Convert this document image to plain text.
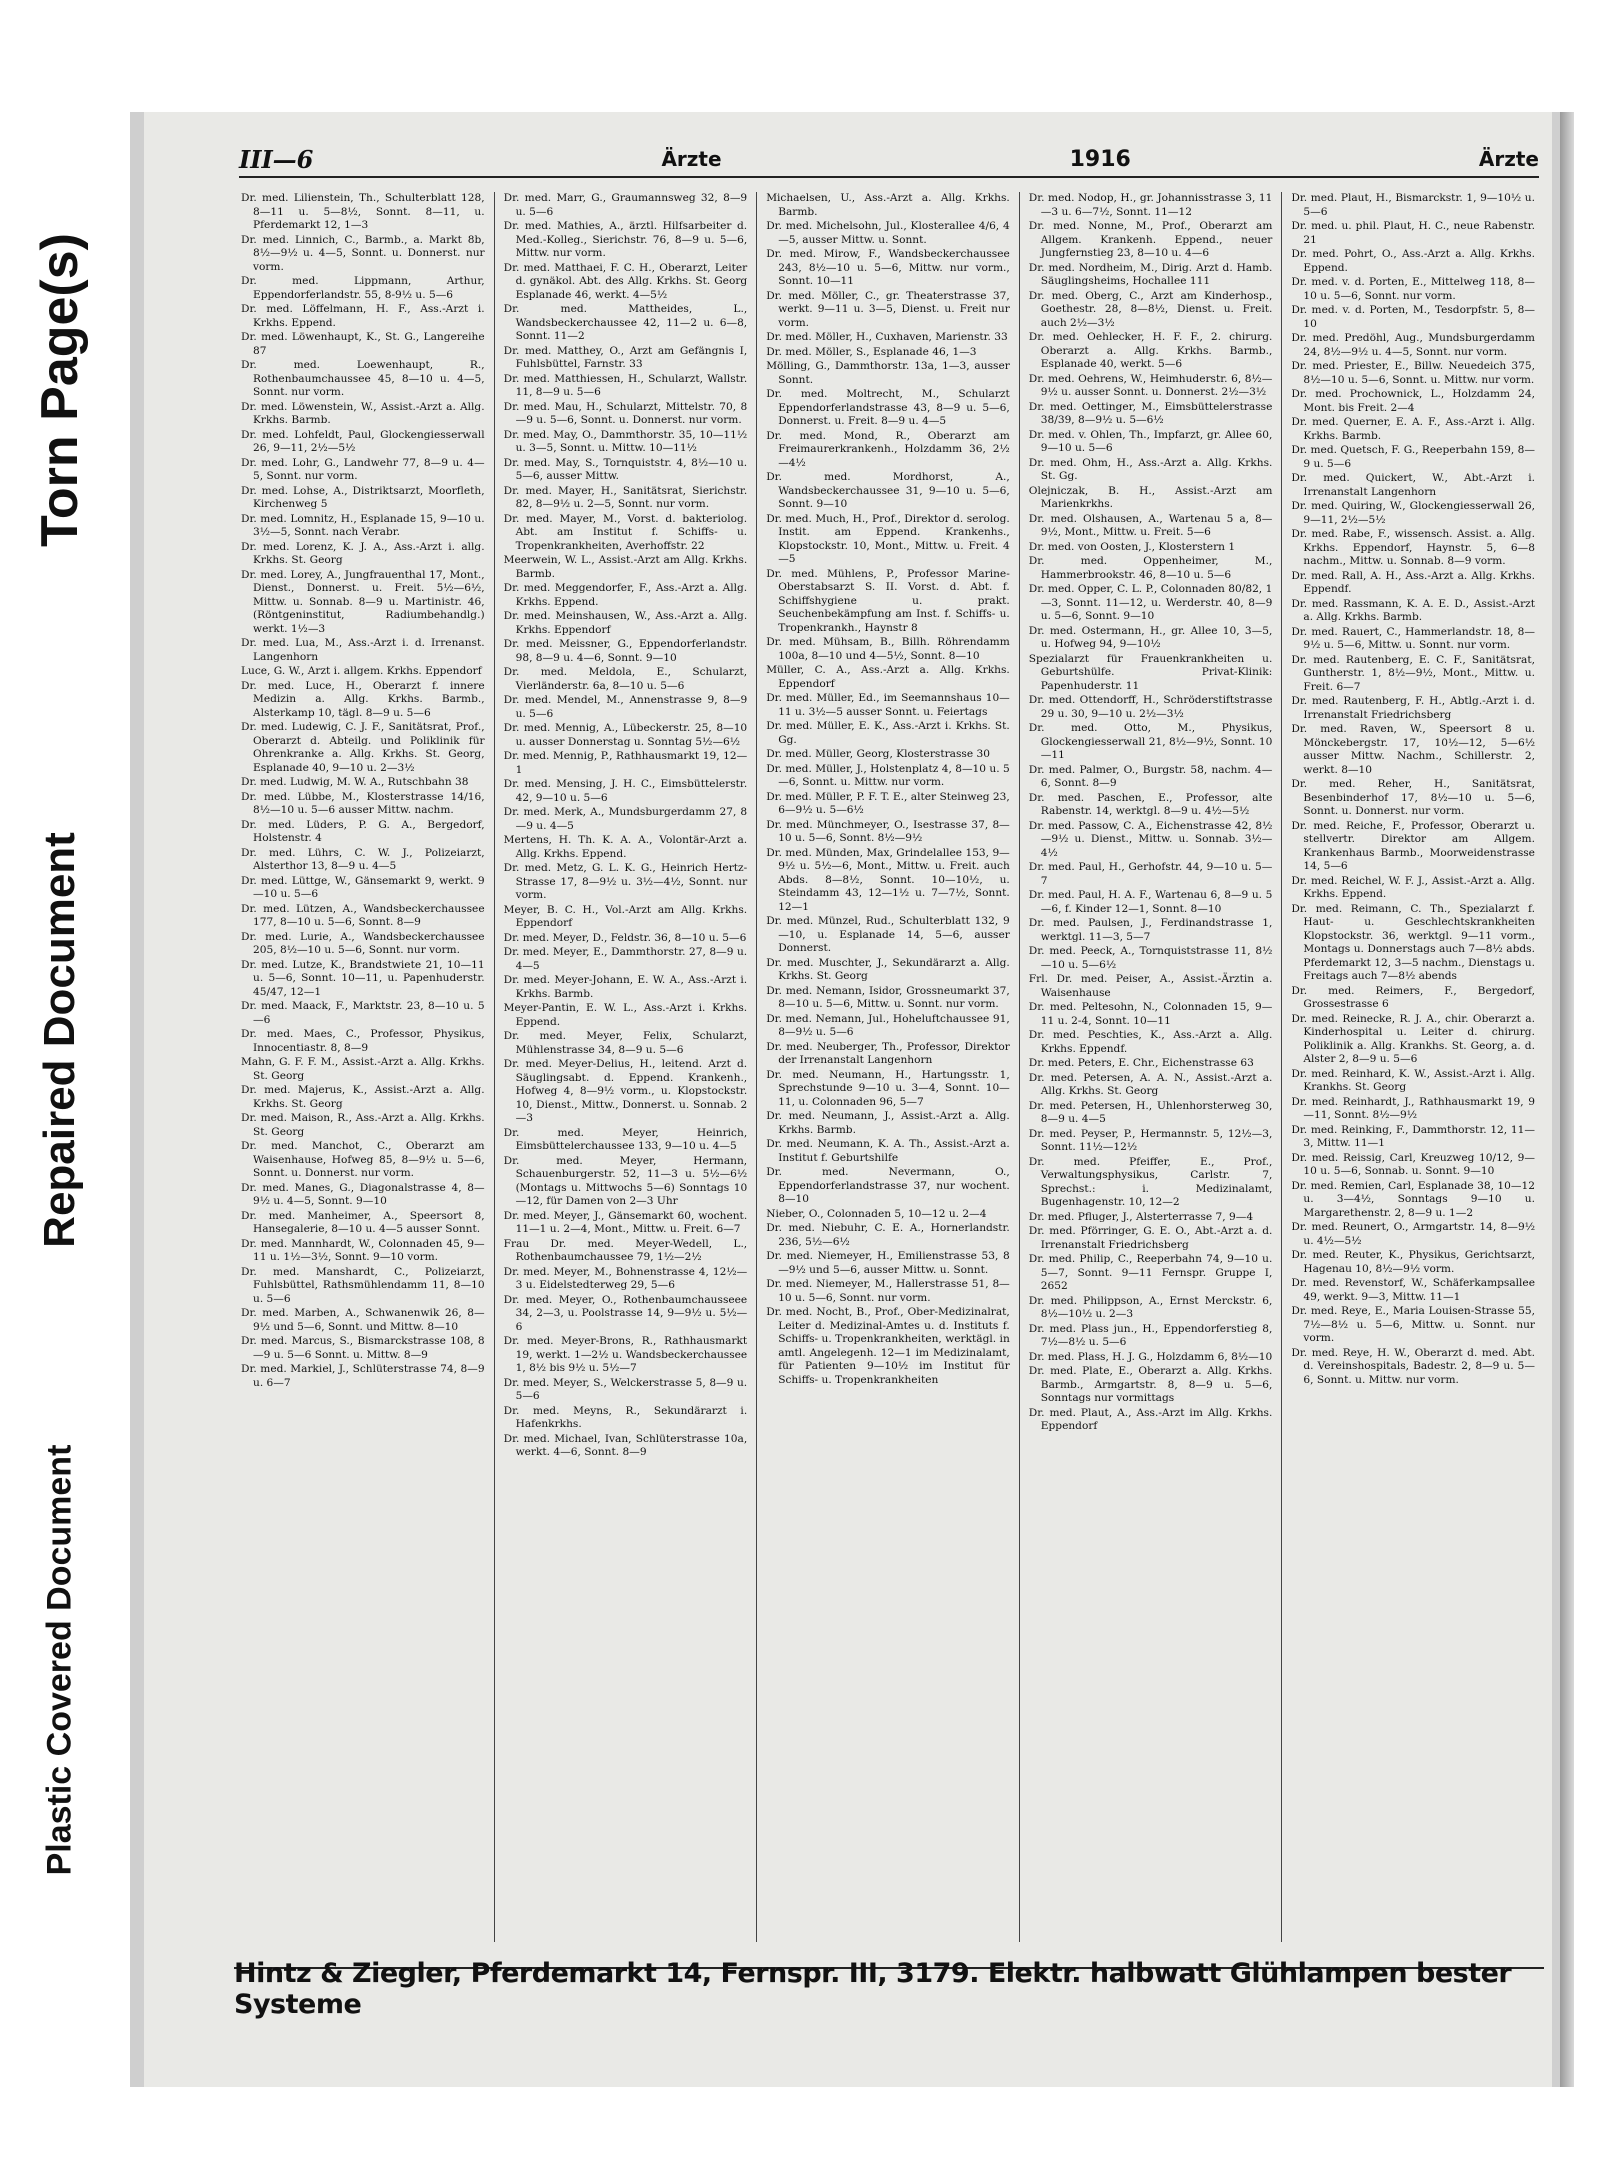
Torn Page(s)
Repaired Document
Plastic Covered Document
III—6	Ärzte	1916	Ärzte

Dr. med. Lilienstein, Th., Schulterblatt 128, 8—11 u. 5—8½, Sonnt. 8—11, u. Pferdemarkt 12, 1—3

Dr. med. Linnich, C., Barmb., a. Markt 8b, 8½—9½ u. 4—5, Sonnt. u. Donnerst. nur vorm.

Dr. med. Lippmann, Arthur, Eppendorferlandstr. 55, 8-9½ u. 5—6

Dr. med. Löffelmann, H. F., Ass.-Arzt i. Krkhs. Eppend.

Dr. med. Löwenhaupt, K., St. G., Langereihe 87

Dr. med. Loewenhaupt, R., Rothenbaumchaussee 45, 8—10 u. 4—5, Sonnt. nur vorm.

Dr. med. Löwenstein, W., Assist.-Arzt a. Allg. Krkhs. Barmb.

Dr. med. Lohfeldt, Paul, Glockengiesserwall 26, 9—11, 2½—5½

Dr. med. Lohr, G., Landwehr 77, 8—9 u. 4—5, Sonnt. nur vorm.

Dr. med. Lohse, A., Distriktsarzt, Moorfleth, Kirchenweg 5

Dr. med. Lomnitz, H., Esplanade 15, 9—10 u. 3½—5, Sonnt. nach Verabr.

Dr. med. Lorenz, K. J. A., Ass.-Arzt i. allg. Krkhs. St. Georg

Dr. med. Lorey, A., Jungfrauenthal 17, Mont., Dienst., Donnerst. u. Freit. 5½—6½, Mittw. u. Sonnab. 8—9 u. Martinistr. 46, (Röntgeninstitut, Radiumbehandlg.) werkt. 1½—3

Dr. med. Lua, M., Ass.-Arzt i. d. Irrenanst. Langenhorn

Luce, G. W., Arzt i. allgem. Krkhs. Eppendorf

Dr. med. Luce, H., Oberarzt f. innere Medizin a. Allg. Krkhs. Barmb., Alsterkamp 10, tägl. 8—9 u. 5—6

Dr. med. Ludewig, C. J. F., Sanitätsrat, Prof., Oberarzt d. Abteilg. und Poliklinik für Ohrenkranke a. Allg. Krkhs. St. Georg, Esplanade 40, 9—10 u. 2—3½

Dr. med. Ludwig, M. W. A., Rutschbahn 38

Dr. med. Lübbe, M., Klosterstrasse 14/16, 8½—10 u. 5—6 ausser Mittw. nachm.

Dr. med. Lüders, P. G. A., Bergedorf, Holstenstr. 4

Dr. med. Lührs, C. W. J., Polizeiarzt, Alsterthor 13, 8—9 u. 4—5

Dr. med. Lüttge, W., Gänsemarkt 9, werkt. 9—10 u. 5—6

Dr. med. Lützen, A., Wandsbeckerchaussee 177, 8—10 u. 5—6, Sonnt. 8—9

Dr. med. Lurie, A., Wandsbeckerchaussee 205, 8½—10 u. 5—6, Sonnt. nur vorm.

Dr. med. Lutze, K., Brandstwiete 21, 10—11 u. 5—6, Sonnt. 10—11, u. Papenhuderstr. 45/47, 12—1

Dr. med. Maack, F., Marktstr. 23, 8—10 u. 5—6

Dr. med. Maes, C., Professor, Physikus, Innocentiastr. 8, 8—9

Mahn, G. F. F. M., Assist.-Arzt a. Allg. Krkhs. St. Georg

Dr. med. Majerus, K., Assist.-Arzt a. Allg. Krkhs. St. Georg

Dr. med. Maison, R., Ass.-Arzt a. Allg. Krkhs. St. Georg

Dr. med. Manchot, C., Oberarzt am Waisenhause, Hofweg 85, 8—9½ u. 5—6, Sonnt. u. Donnerst. nur vorm.

Dr. med. Manes, G., Diagonalstrasse 4, 8—9½ u. 4—5, Sonnt. 9—10

Dr. med. Manheimer, A., Speersort 8, Hansegalerie, 8—10 u. 4—5 ausser Sonnt.

Dr. med. Mannhardt, W., Colonnaden 45, 9—11 u. 1½—3½, Sonnt. 9—10 vorm.

Dr. med. Manshardt, C., Polizeiarzt, Fuhlsbüttel, Rathsmühlendamm 11, 8—10 u. 5—6

Dr. med. Marben, A., Schwanenwik 26, 8—9½ und 5—6, Sonnt. und Mittw. 8—10

Dr. med. Marcus, S., Bismarckstrasse 108, 8—9 u. 5—6 Sonnt. u. Mittw. 8—9

Dr. med. Markiel, J., Schlüterstrasse 74, 8—9 u. 6—7

Dr. med. Marr, G., Graumannsweg 32, 8—9 u. 5—6

Dr. med. Mathies, A., ärztl. Hilfsarbeiter d. Med.-Kolleg., Sierichstr. 76, 8—9 u. 5—6, Mittw. nur vorm.

Dr. med. Matthaei, F. C. H., Oberarzt, Leiter d. gynäkol. Abt. des Allg. Krkhs. St. Georg Esplanade 46, werkt. 4—5½

Dr. med. Mattheides, L., Wandsbeckerchaussee 42, 11—2 u. 6—8, Sonnt. 11—2

Dr. med. Matthey, O., Arzt am Gefängnis I, Fuhlsbüttel, Farnstr. 33

Dr. med. Matthiessen, H., Schularzt, Wallstr. 11, 8—9 u. 5—6

Dr. med. Mau, H., Schularzt, Mittelstr. 70, 8—9 u. 5—6, Sonnt. u. Donnerst. nur vorm.

Dr. med. May, O., Dammthorstr. 35, 10—11½ u. 3—5, Sonnt. u. Mittw. 10—11½

Dr. med. May, S., Tornquiststr. 4, 8½—10 u. 5—6, ausser Mittw.

Dr. med. Mayer, H., Sanitätsrat, Sierichstr. 82, 8—9½ u. 2—5, Sonnt. nur vorm.

Dr. med. Mayer, M., Vorst. d. bakteriolog. Abt. am Institut f. Schiffs- u. Tropenkrankheiten, Averhoffstr. 22

Meerwein, W. L., Assist.-Arzt am Allg. Krkhs. Barmb.

Dr. med. Meggendorfer, F., Ass.-Arzt a. Allg. Krkhs. Eppend.

Dr. med. Meinshausen, W., Ass.-Arzt a. Allg. Krkhs. Eppendorf

Dr. med. Meissner, G., Eppendorferlandstr. 98, 8—9 u. 4—6, Sonnt. 9—10

Dr. med. Meldola, E., Schularzt, Vierländerstr. 6a, 8—10 u. 5—6

Dr. med. Mendel, M., Annenstrasse 9, 8—9 u. 5—6

Dr. med. Mennig, A., Lübeckerstr. 25, 8—10 u. ausser Donnerstag u. Sonntag 5½—6½

Dr. med. Mennig, P., Rathhausmarkt 19, 12—1

Dr. med. Mensing, J. H. C., Eimsbüttelerstr. 42, 9—10 u. 5—6

Dr. med. Merk, A., Mundsburgerdamm 27, 8—9 u. 4—5

Mertens, H. Th. K. A. A., Volontär-Arzt a. Allg. Krkhs. Eppend.

Dr. med. Metz, G. L. K. G., Heinrich Hertz-Strasse 17, 8—9½ u. 3½—4½, Sonnt. nur vorm.

Meyer, B. C. H., Vol.-Arzt am Allg. Krkhs. Eppendorf

Dr. med. Meyer, D., Feldstr. 36, 8—10 u. 5—6

Dr. med. Meyer, E., Dammthorstr. 27, 8—9 u. 4—5

Dr. med. Meyer-Johann, E. W. A., Ass.-Arzt i. Krkhs. Barmb.

Meyer-Pantin, E. W. L., Ass.-Arzt i. Krkhs. Eppend.

Dr. med. Meyer, Felix, Schularzt, Mühlenstrasse 34, 8—9 u. 5—6

Dr. med. Meyer-Delius, H., leitend. Arzt d. Säuglingsabt. d. Eppend. Krankenh., Hofweg 4, 8—9½ vorm., u. Klopstockstr. 10, Dienst., Mittw., Donnerst. u. Sonnab. 2—3

Dr. med. Meyer, Heinrich, Eimsbüttelerchaussee 133, 9—10 u. 4—5

Dr. med. Meyer, Hermann, Schauenburgerstr. 52, 11—3 u. 5½—6½ (Montags u. Mittwochs 5—6) Sonntags 10—12, für Damen von 2—3 Uhr

Dr. med. Meyer, J., Gänsemarkt 60, wochent. 11—1 u. 2—4, Mont., Mittw. u. Freit. 6—7

Frau Dr. med. Meyer-Wedell, L., Rothenbaumchaussee 79, 1½—2½

Dr. med. Meyer, M., Bohnenstrasse 4, 12½—3 u. Eidelstedterweg 29, 5—6

Dr. med. Meyer, O., Rothenbaumchausseee 34, 2—3, u. Poolstrasse 14, 9—9½ u. 5½—6

Dr. med. Meyer-Brons, R., Rathhausmarkt 19, werkt. 1—2½ u. Wandsbeckerchaussee 1, 8½ bis 9½ u. 5½—7

Dr. med. Meyer, S., Welckerstrasse 5, 8—9 u. 5—6

Dr. med. Meyns, R., Sekundärarzt i. Hafenkrkhs.

Dr. med. Michael, Ivan, Schlüterstrasse 10a, werkt. 4—6, Sonnt. 8—9

Michaelsen, U., Ass.-Arzt a. Allg. Krkhs. Barmb.

Dr. med. Michelsohn, Jul., Klosterallee 4/6, 4—5, ausser Mittw. u. Sonnt.

Dr. med. Mirow, F., Wandsbeckerchaussee 243, 8½—10 u. 5—6, Mittw. nur vorm., Sonnt. 10—11

Dr. med. Möller, C., gr. Theaterstrasse 37, werkt. 9—11 u. 3—5, Dienst. u. Freit nur vorm.

Dr. med. Möller, H., Cuxhaven, Marienstr. 33

Dr. med. Möller, S., Esplanade 46, 1—3

Mölling, G., Dammthorstr. 13a, 1—3, ausser Sonnt.

Dr. med. Moltrecht, M., Schularzt Eppendorferlandstrasse 43, 8—9 u. 5—6, Donnerst. u. Freit. 8—9 u. 4—5

Dr. med. Mond, R., Oberarzt am Freimaurerkrankenh., Holzdamm 36, 2½—4½

Dr. med. Mordhorst, A., Wandsbeckerchaussee 31, 9—10 u. 5—6, Sonnt. 9—10

Dr. med. Much, H., Prof., Direktor d. serolog. Instit. am Eppend. Krankenhs., Klopstockstr. 10, Mont., Mittw. u. Freit. 4—5

Dr. med. Mühlens, P., Professor Marine-Oberstabsarzt S. II. Vorst. d. Abt. f. Schiffshygiene u. prakt. Seuchenbekämpfung am Inst. f. Schiffs- u. Tropenkrankh., Haynstr 8

Dr. med. Mühsam, B., Billh. Röhrendamm 100a, 8—10 und 4—5½, Sonnt. 8—10

Müller, C. A., Ass.-Arzt a. Allg. Krkhs. Eppendorf

Dr. med. Müller, Ed., im Seemannshaus 10—11 u. 3½—5 ausser Sonnt. u. Feiertags

Dr. med. Müller, E. K., Ass.-Arzt i. Krkhs. St. Gg.

Dr. med. Müller, Georg, Klosterstrasse 30

Dr. med. Müller, J., Holstenplatz 4, 8—10 u. 5—6, Sonnt. u. Mittw. nur vorm.

Dr. med. Müller, P. F. T. E., alter Steinweg 23, 6—9½ u. 5—6½

Dr. med. Münchmeyer, O., Isestrasse 37, 8—10 u. 5—6, Sonnt. 8½—9½

Dr. med. Münden, Max, Grindelallee 153, 9—9½ u. 5½—6, Mont., Mittw. u. Freit. auch Abds. 8—8½, Sonnt. 10—10½, u. Steindamm 43, 12—1½ u. 7—7½, Sonnt. 12—1

Dr. med. Münzel, Rud., Schulterblatt 132, 9—10, u. Esplanade 14, 5—6, ausser Donnerst.

Dr. med. Muschter, J., Sekundärarzt a. Allg. Krkhs. St. Georg

Dr. med. Nemann, Isidor, Grossneumarkt 37, 8—10 u. 5—6, Mittw. u. Sonnt. nur vorm.

Dr. med. Nemann, Jul., Hoheluftchaussee 91, 8—9½ u. 5—6

Dr. med. Neuberger, Th., Professor, Direktor der Irrenanstalt Langenhorn

Dr. med. Neumann, H., Hartungsstr. 1, Sprechstunde 9—10 u. 3—4, Sonnt. 10—11, u. Colonnaden 96, 5—7

Dr. med. Neumann, J., Assist.-Arzt a. Allg. Krkhs. Barmb.

Dr. med. Neumann, K. A. Th., Assist.-Arzt a. Institut f. Geburtshilfe

Dr. med. Nevermann, O., Eppendorferlandstrasse 37, nur wochent. 8—10

Nieber, O., Colonnaden 5, 10—12 u. 2—4

Dr. med. Niebuhr, C. E. A., Hornerlandstr. 236, 5½—6½

Dr. med. Niemeyer, H., Emilienstrasse 53, 8—9½ und 5—6, ausser Mittw. u. Sonnt.

Dr. med. Niemeyer, M., Hallerstrasse 51, 8—10 u. 5—6, Sonnt. nur vorm.

Dr. med. Nocht, B., Prof., Ober-Medizinalrat, Leiter d. Medizinal-Amtes u. d. Instituts f. Schiffs- u. Tropenkrankheiten, werktägl. in amtl. Angelegenh. 12—1 im Medizinalamt, für Patienten 9—10½ im Institut für Schiffs- u. Tropenkrankheiten

Dr. med. Nodop, H., gr. Johannisstrasse 3, 11—3 u. 6—7½, Sonnt. 11—12

Dr. med. Nonne, M., Prof., Oberarzt am Allgem. Krankenh. Eppend., neuer Jungfernstieg 23, 8—10 u. 4—6

Dr. med. Nordheim, M., Dirig. Arzt d. Hamb. Säuglingsheims, Hochallee 111

Dr. med. Oberg, C., Arzt am Kinderhosp., Goethestr. 28, 8—8½, Dienst. u. Freit. auch 2½—3½

Dr. med. Oehlecker, H. F. F., 2. chirurg. Oberarzt a. Allg. Krkhs. Barmb., Esplanade 40, werkt. 5—6

Dr. med. Oehrens, W., Heimhuderstr. 6, 8½—9½ u. ausser Sonnt. u. Donnerst. 2½—3½

Dr. med. Oettinger, M., Eimsbüttelerstrasse 38/39, 8—9½ u. 5—6½

Dr. med. v. Ohlen, Th., Impfarzt, gr. Allee 60, 9—10 u. 5—6

Dr. med. Ohm, H., Ass.-Arzt a. Allg. Krkhs. St. Gg.

Olejniczak, B. H., Assist.-Arzt am Marienkrkhs.

Dr. med. Olshausen, A., Wartenau 5 a, 8—9½, Mont., Mittw. u. Freit. 5—6

Dr. med. von Oosten, J., Klosterstern 1

Dr. med. Oppenheimer, M., Hammerbrookstr. 46, 8—10 u. 5—6

Dr. med. Opper, C. L. P., Colonnaden 80/82, 1—3, Sonnt. 11—12, u. Werderstr. 40, 8—9 u. 5—6, Sonnt. 9—10

Dr. med. Ostermann, H., gr. Allee 10, 3—5, u. Hofweg 94, 9—10½

Spezialarzt für Frauenkrankheiten u. Geburtshülfe. Privat-Klinik: Papenhuderstr. 11

Dr. med. Ottendorff, H., Schröderstiftstrasse 29 u. 30, 9—10 u. 2½—3½

Dr. med. Otto, M., Physikus, Glockengiesserwall 21, 8½—9½, Sonnt. 10—11

Dr. med. Palmer, O., Burgstr. 58, nachm. 4—6, Sonnt. 8—9

Dr. med. Paschen, E., Professor, alte Rabenstr. 14, werktgl. 8—9 u. 4½—5½

Dr. med. Passow, C. A., Eichenstrasse 42, 8½—9½ u. Dienst., Mittw. u. Sonnab. 3½—4½

Dr. med. Paul, H., Gerhofstr. 44, 9—10 u. 5—7

Dr. med. Paul, H. A. F., Wartenau 6, 8—9 u. 5—6, f. Kinder 12—1, Sonnt. 8—10

Dr. med. Paulsen, J., Ferdinandstrasse 1, werktgl. 11—3, 5—7

Dr. med. Peeck, A., Tornquiststrasse 11, 8½—10 u. 5—6½

Frl. Dr. med. Peiser, A., Assist.-Ärztin a. Waisenhause

Dr. med. Peltesohn, N., Colonnaden 15, 9—11 u. 2-4, Sonnt. 10—11

Dr. med. Peschties, K., Ass.-Arzt a. Allg. Krkhs. Eppendf.

Dr. med. Peters, E. Chr., Eichenstrasse 63

Dr. med. Petersen, A. A. N., Assist.-Arzt a. Allg. Krkhs. St. Georg

Dr. med. Petersen, H., Uhlenhorsterweg 30, 8—9 u. 4—5

Dr. med. Peyser, P., Hermannstr. 5, 12½—3, Sonnt. 11½—12½

Dr. med. Pfeiffer, E., Prof., Verwaltungsphysikus, Carlstr. 7, Sprechst.: i. Medizinalamt, Bugenhagenstr. 10, 12—2

Dr. med. Pfluger, J., Alsterterrasse 7, 9—4

Dr. med. Pförringer, G. E. O., Abt.-Arzt a. d. Irrenanstalt Friedrichsberg

Dr. med. Philip, C., Reeperbahn 74, 9—10 u. 5—7, Sonnt. 9—11 Fernspr. Gruppe I, 2652

Dr. med. Philippson, A., Ernst Merckstr. 6, 8½—10½ u. 2—3

Dr. med. Plass jun., H., Eppendorferstieg 8, 7½—8½ u. 5—6

Dr. med. Plass, H. J. G., Holzdamm 6, 8½—10

Dr. med. Plate, E., Oberarzt a. Allg. Krkhs. Barmb., Armgartstr. 8, 8—9 u. 5—6, Sonntags nur vormittags

Dr. med. Plaut, A., Ass.-Arzt im Allg. Krkhs. Eppendorf

Dr. med. Plaut, H., Bismarckstr. 1, 9—10½ u. 5—6

Dr. med. u. phil. Plaut, H. C., neue Rabenstr. 21

Dr. med. Pohrt, O., Ass.-Arzt a. Allg. Krkhs. Eppend.

Dr. med. v. d. Porten, E., Mittelweg 118, 8—10 u. 5—6, Sonnt. nur vorm.

Dr. med. v. d. Porten, M., Tesdorpfstr. 5, 8—10

Dr. med. Predöhl, Aug., Mundsburgerdamm 24, 8½—9½ u. 4—5, Sonnt. nur vorm.

Dr. med. Priester, E., Billw. Neuedeich 375, 8½—10 u. 5—6, Sonnt. u. Mittw. nur vorm.

Dr. med. Prochownick, L., Holzdamm 24, Mont. bis Freit. 2—4

Dr. med. Querner, E. A. F., Ass.-Arzt i. Allg. Krkhs. Barmb.

Dr. med. Quetsch, F. G., Reeperbahn 159, 8—9 u. 5—6

Dr. med. Quickert, W., Abt.-Arzt i. Irrenanstalt Langenhorn

Dr. med. Quiring, W., Glockengiesserwall 26, 9—11, 2½—5½

Dr. med. Rabe, F., wissensch. Assist. a. Allg. Krkhs. Eppendorf, Haynstr. 5, 6—8 nachm., Mittw. u. Sonnab. 8—9 vorm.

Dr. med. Rall, A. H., Ass.-Arzt a. Allg. Krkhs. Eppendf.

Dr. med. Rassmann, K. A. E. D., Assist.-Arzt a. Allg. Krkhs. Barmb.

Dr. med. Rauert, C., Hammerlandstr. 18, 8—9½ u. 5—6, Mittw. u. Sonnt. nur vorm.

Dr. med. Rautenberg, E. C. F., Sanitätsrat, Guntherstr. 1, 8½—9½, Mont., Mittw. u. Freit. 6—7

Dr. med. Rautenberg, F. H., Abtlg.-Arzt i. d. Irrenanstalt Friedrichsberg

Dr. med. Raven, W., Speersort 8 u. Mönckebergstr. 17, 10½—12, 5—6½ ausser Mittw. Nachm., Schillerstr. 2, werkt. 8—10

Dr. med. Reher, H., Sanitätsrat, Besenbinderhof 17, 8½—10 u. 5—6, Sonnt. u. Donnerst. nur vorm.

Dr. med. Reiche, F., Professor, Oberarzt u. stellvertr. Direktor am Allgem. Krankenhaus Barmb., Moorweidenstrasse 14, 5—6

Dr. med. Reichel, W. F. J., Assist.-Arzt a. Allg. Krkhs. Eppend.

Dr. med. Reimann, C. Th., Spezialarzt f. Haut- u. Geschlechtskrankheiten Klopstockstr. 36, werktgl. 9—11 vorm., Montags u. Donnerstags auch 7—8½ abds. Pferdemarkt 12, 3—5 nachm., Dienstags u. Freitags auch 7—8½ abends

Dr. med. Reimers, F., Bergedorf, Grossestrasse 6

Dr. med. Reinecke, R. J. A., chir. Oberarzt a. Kinderhospital u. Leiter d. chirurg. Poliklinik a. Allg. Krankhs. St. Georg, a. d. Alster 2, 8—9 u. 5—6

Dr. med. Reinhard, K. W., Assist.-Arzt i. Allg. Krankhs. St. Georg

Dr. med. Reinhardt, J., Rathhausmarkt 19, 9—11, Sonnt. 8½—9½

Dr. med. Reinking, F., Dammthorstr. 12, 11—3, Mittw. 11—1

Dr. med. Reissig, Carl, Kreuzweg 10/12, 9—10 u. 5—6, Sonnab. u. Sonnt. 9—10

Dr. med. Remien, Carl, Esplanade 38, 10—12 u. 3—4½, Sonntags 9—10 u. Margarethenstr. 2, 8—9 u. 1—2

Dr. med. Reunert, O., Armgartstr. 14, 8—9½ u. 4½—5½

Dr. med. Reuter, K., Physikus, Gerichtsarzt, Hagenau 10, 8½—9½ vorm.

Dr. med. Revenstorf, W., Schäferkampsallee 49, werkt. 9—3, Mittw. 11—1

Dr. med. Reye, E., Maria Louisen-Strasse 55, 7½—8½ u. 5—6, Mittw. u. Sonnt. nur vorm.

Dr. med. Reye, H. W., Oberarzt d. med. Abt. d. Vereinshospitals, Badestr. 2, 8—9 u. 5—6, Sonnt. u. Mittw. nur vorm.

Hintz & Ziegler, Pferdemarkt 14, Fernspr. III, 3179. Elektr. halbwatt Glühlampen bester Systeme
